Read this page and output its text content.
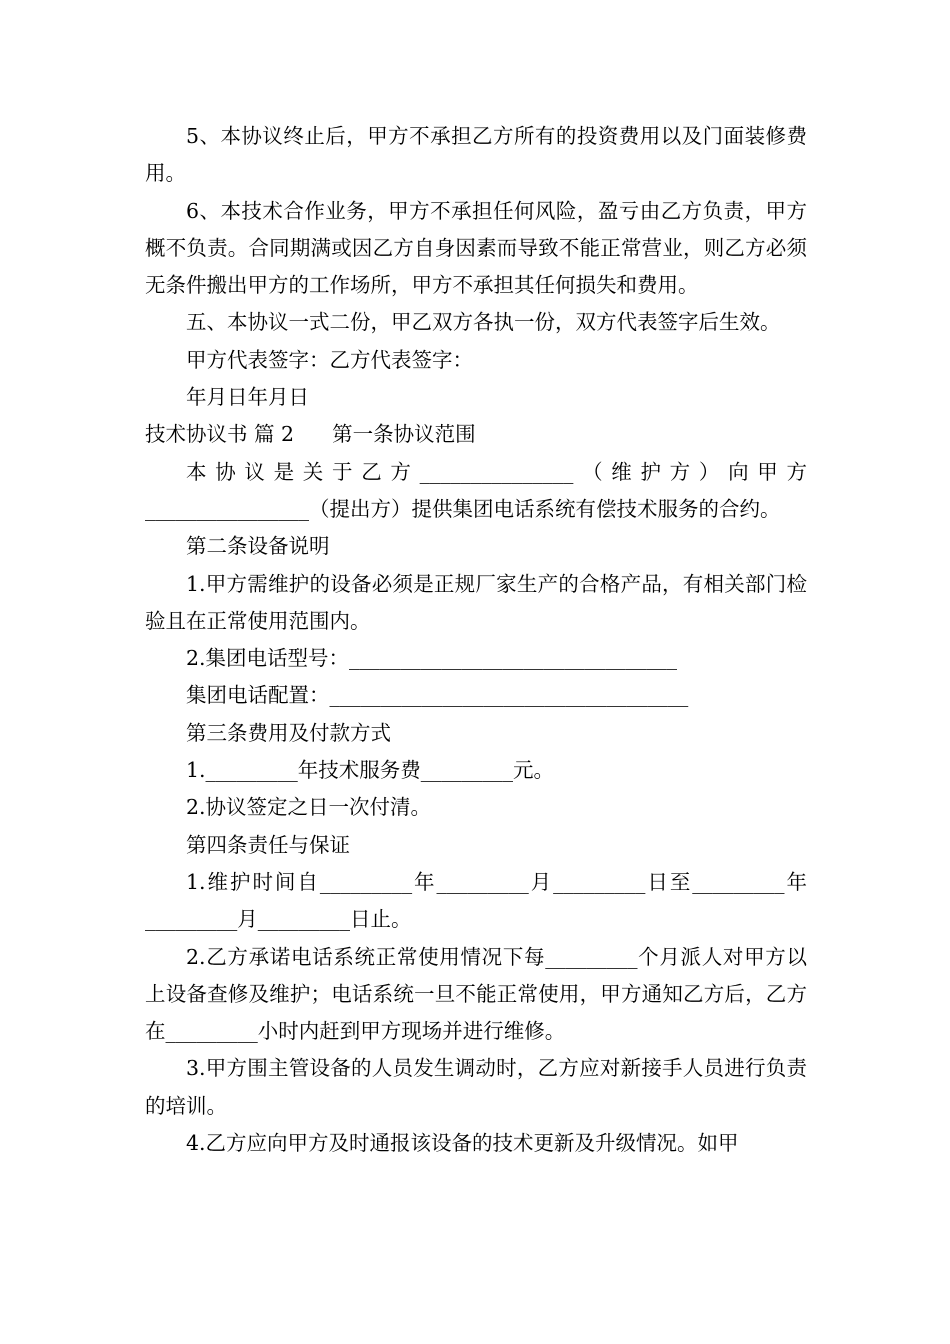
5、本协议终止后，甲方不承担乙方所有的投资费用以及门面装修费用。

6、本技术合作业务，甲方不承担任何风险，盈亏由乙方负责，甲方概不负责。合同期满或因乙方自身因素而导致不能正常营业，则乙方必须无条件搬出甲方的工作场所，甲方不承担其任何损失和费用。

五、本协议一式二份，甲乙双方各执一份，双方代表签字后生效。

甲方代表签字：乙方代表签字：

年月日年月日

技术协议书 篇 2 第一条协议范围

本协议是关于乙方_______________（维护方）向甲方________________（提出方）提供集团电话系统有偿技术服务的合约。

第二条设备说明

1.甲方需维护的设备必须是正规厂家生产的合格产品，有相关部门检验且在正常使用范围内。

2.集团电话型号：________________________________

集团电话配置：___________________________________

第三条费用及付款方式

1._________年技术服务费_________元。

2.协议签定之日一次付清。

第四条责任与保证

1.维护时间自_________年_________月_________日至_________年_________月_________日止。

2.乙方承诺电话系统正常使用情况下每_________个月派人对甲方以上设备查修及维护；电话系统一旦不能正常使用，甲方通知乙方后，乙方在_________小时内赶到甲方现场并进行维修。

3.甲方围主管设备的人员发生调动时，乙方应对新接手人员进行负责的培训。

4.乙方应向甲方及时通报该设备的技术更新及升级情况。如甲
